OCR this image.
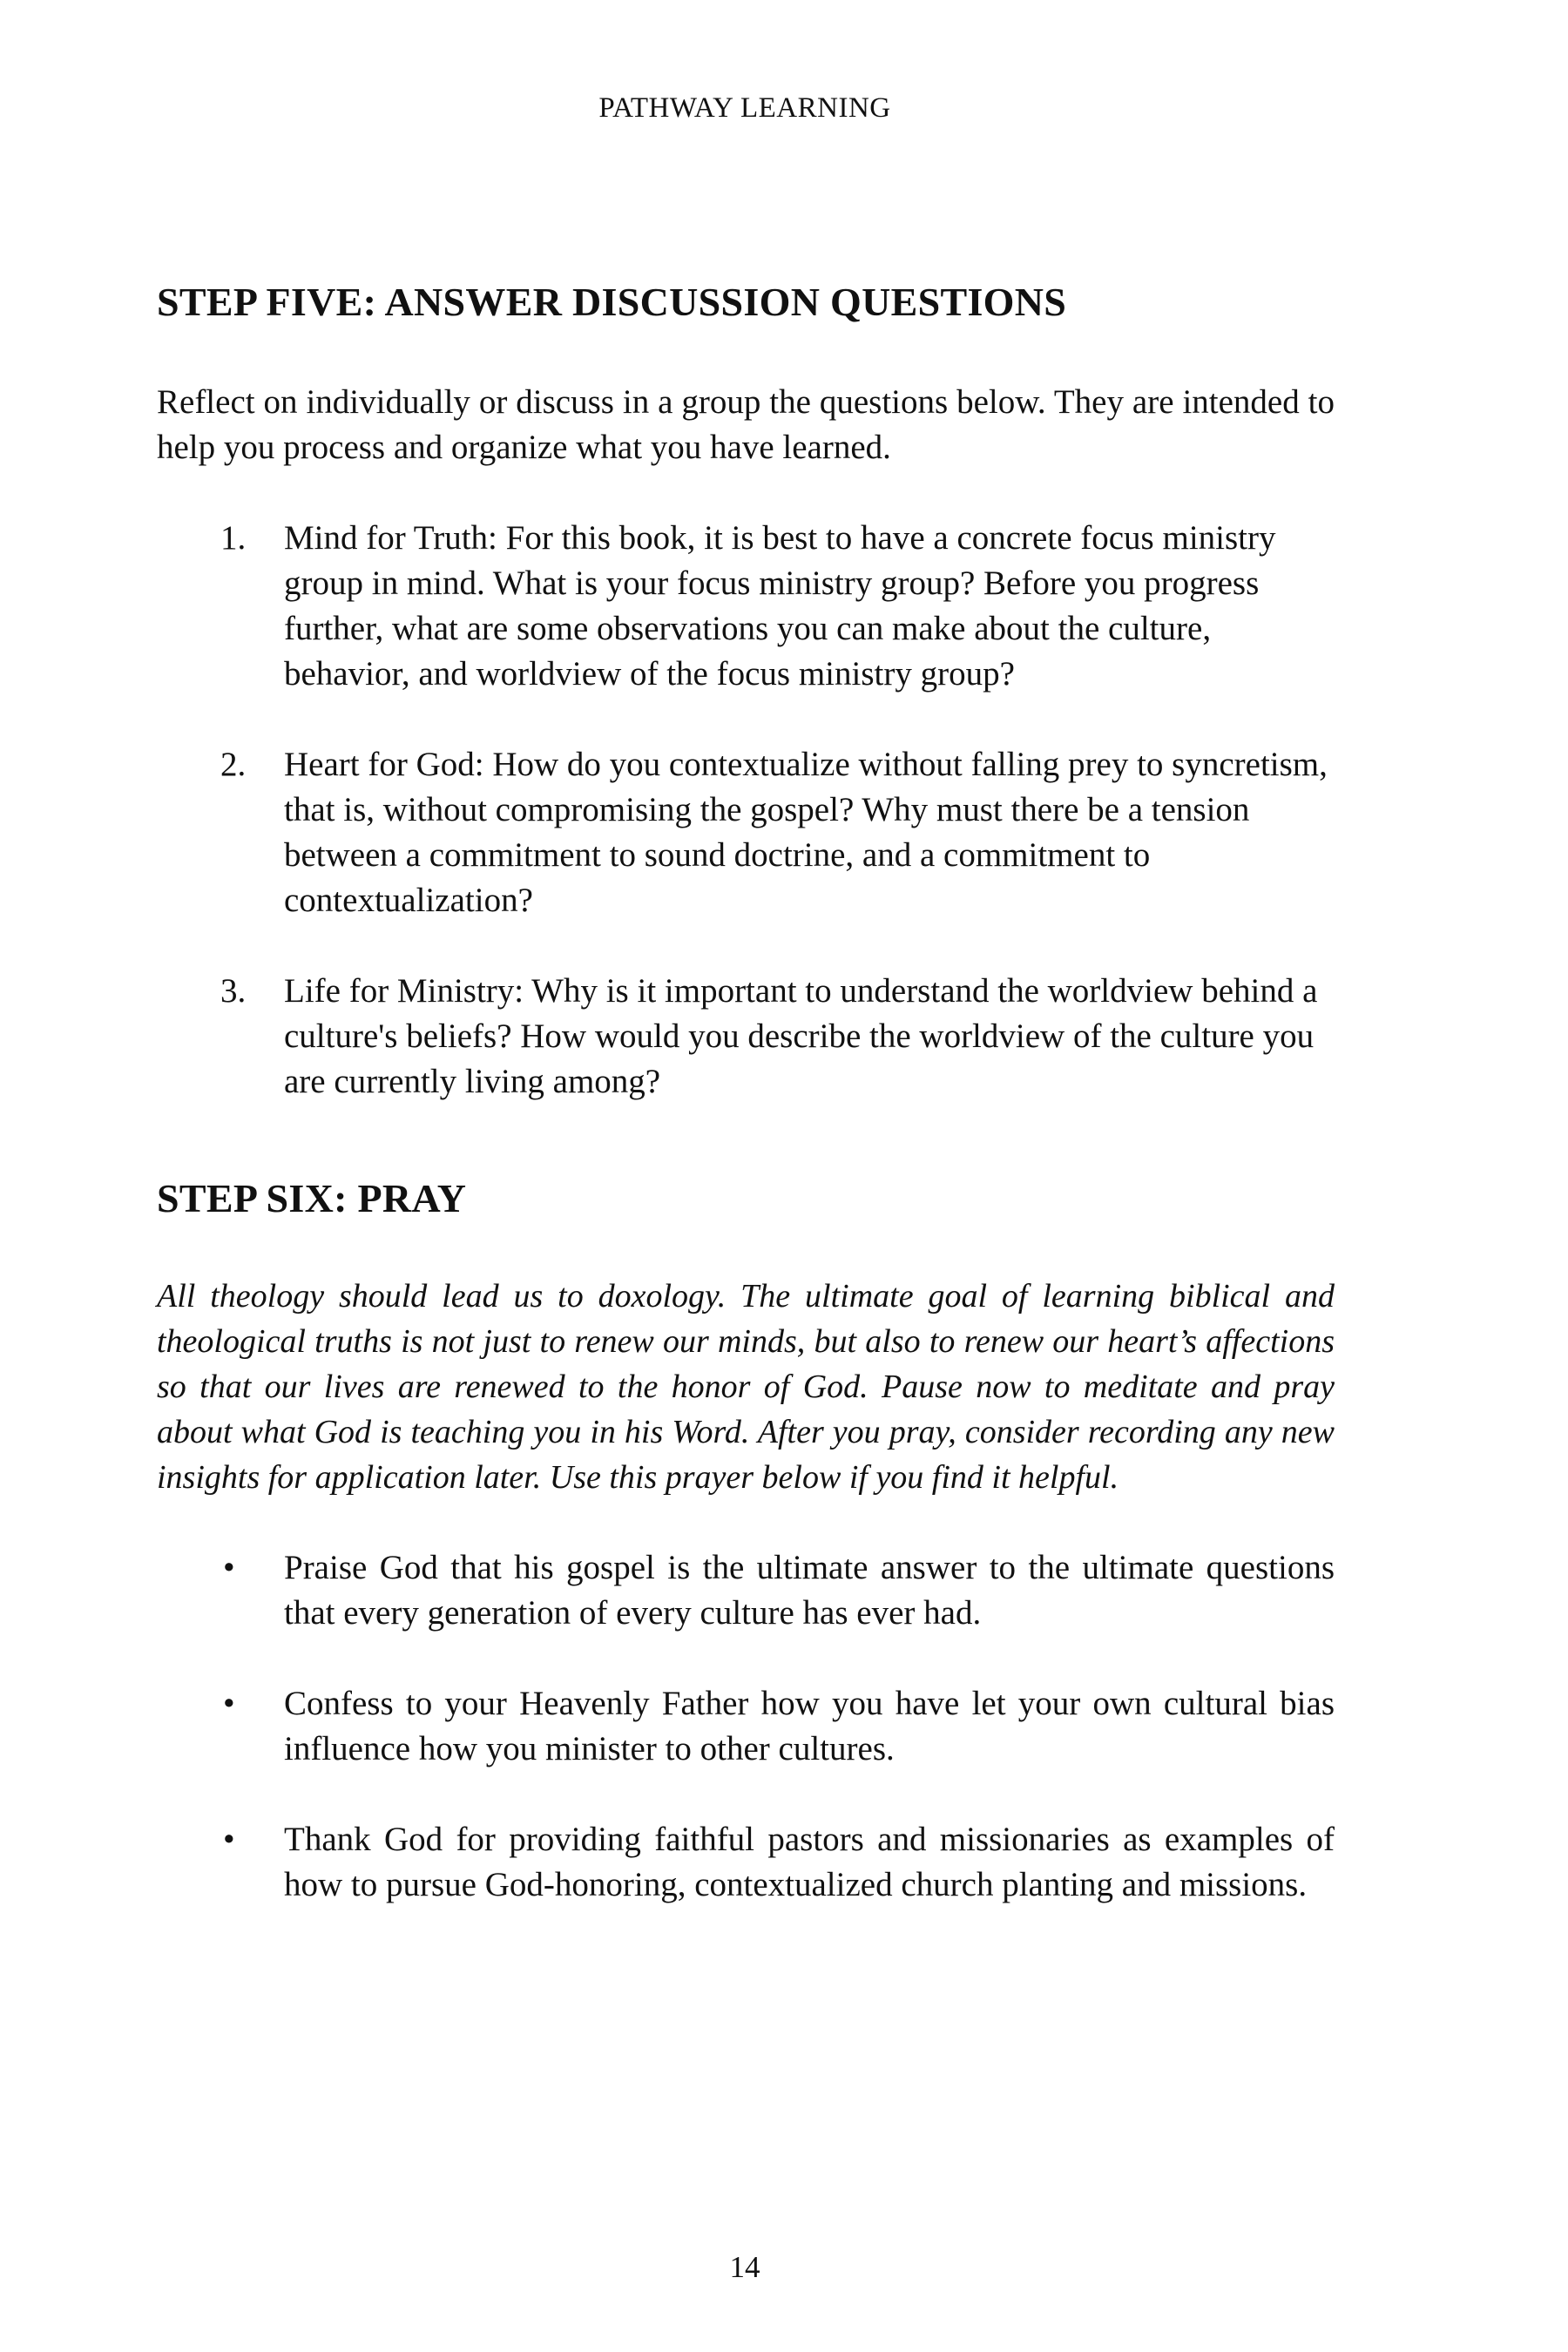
PATHWAY LEARNING
STEP FIVE: ANSWER DISCUSSION QUESTIONS

Reflect on individually or discuss in a group the questions below. They are intended to help you process and organize what you have learned.

1.	Mind for Truth: For this book, it is best to have a concrete focus ministry group in mind. What is your focus ministry group? Before you progress further, what are some observations you can make about the culture, behavior, and worldview of the focus ministry group?
2.	Heart for God: How do you contextualize without falling prey to syncretism, that is, without compromising the gospel? Why must there be a tension between a commitment to sound doctrine, and a commitment to contextualization?
3.	Life for Ministry: Why is it important to understand the worldview behind a culture's beliefs? How would you describe the worldview of the culture you are currently living among?
STEP SIX: PRAY

All theology should lead us to doxology. The ultimate goal of learning biblical and theological truths is not just to renew our minds, but also to renew our heart’s affections so that our lives are renewed to the honor of God. Pause now to meditate and pray about what God is teaching you in his Word. After you pray, consider recording any new insights for application later. Use this prayer below if you find it helpful.

•	Praise God that his gospel is the ultimate answer to the ultimate questions that every generation of every culture has ever had.
•	Confess to your Heavenly Father how you have let your own cultural bias influence how you minister to other cultures.
•	Thank God for providing faithful pastors and missionaries as examples of how to pursue God-honoring, contextualized church planting and missions.
14
